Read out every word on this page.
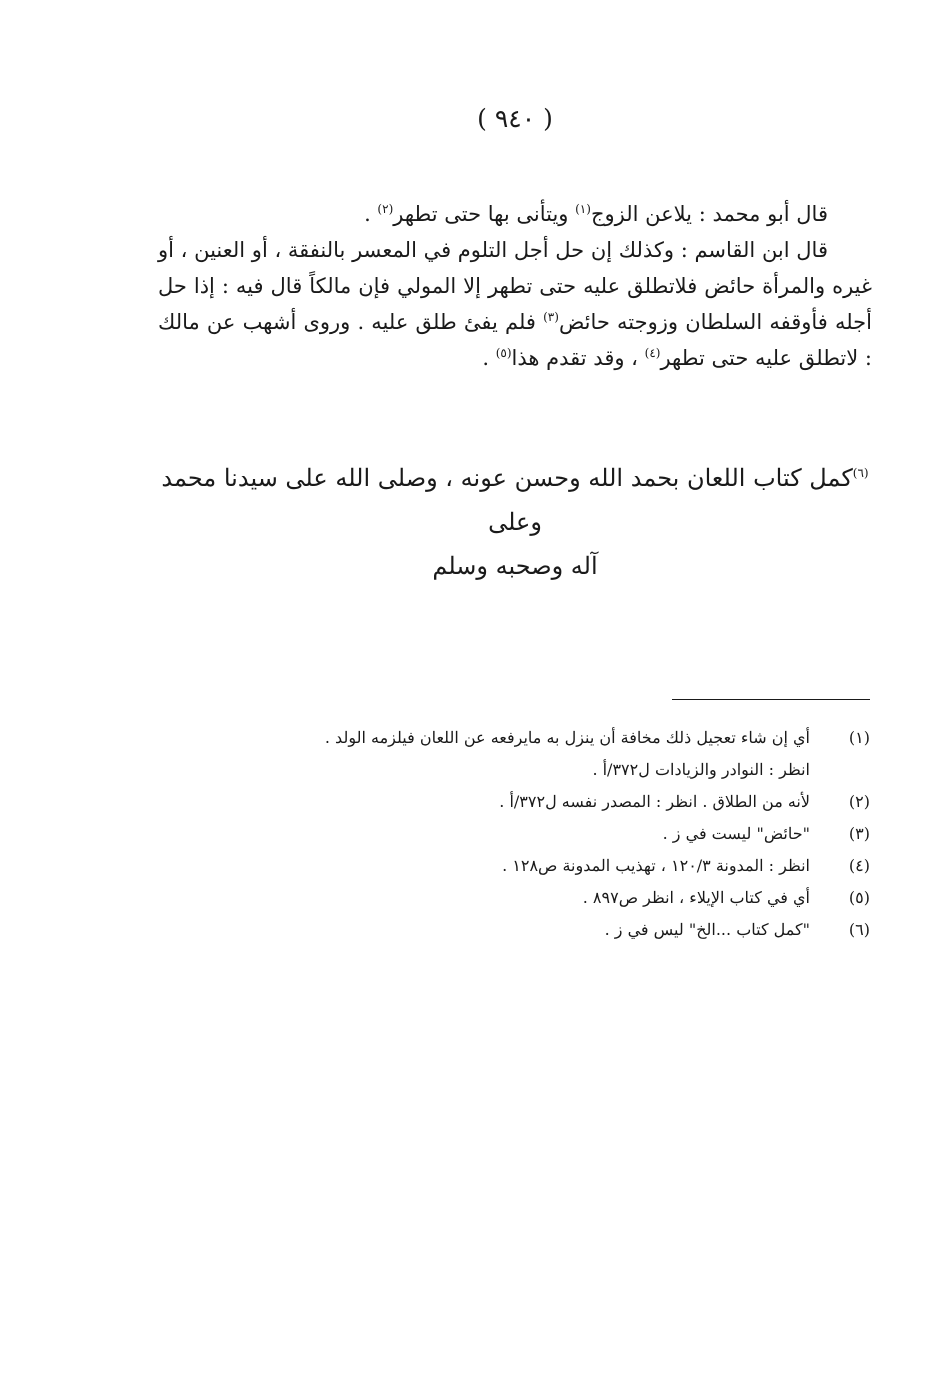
( ٩٤٠ )

قال أبو محمد : يلاعن الزوج$^{(١)}$ ويتأنى بها حتى تطهر$^{(٢)}$ .

قال ابن القاسم : وكذلك إن حل أجل التلوم في المعسر بالنفقة ، أو العنين ، أو غيره والمرأة حائض فلاتطلق عليه حتى تطهر إلا المولي فإن مالكاً قال فيه : إذا حل أجله فأوقفه السلطان وزوجته حائض$^{(٣)}$ فلم يفئ طلق عليه . وروى أشهب عن مالك : لاتطلق عليه حتى تطهر$^{(٤)}$ ، وقد تقدم هذا$^{(٥)}$ .

$^{(٦)}$كمل كتاب اللعان بحمد الله وحسن عونه ، وصلى الله على سيدنا محمد وعلى
آله وصحبه وسلم
(١)
أي إن شاء تعجيل ذلك مخافة أن ينزل به مايرفعه عن اللعان فيلزمه الولد .
انظر : النوادر والزيادات ل٣٧٢/أ .
(٢)
لأنه من الطلاق . انظر : المصدر نفسه ل٣٧٢/أ .
(٣)
"حائض" ليست في ز .
(٤)
انظر : المدونة ١٢٠/٣ ، تهذيب المدونة ص١٢٨ .
(٥)
أي في كتاب الإيلاء ، انظر ص٨٩٧ .
(٦)
"كمل كتاب ...الخ" ليس في ز .
